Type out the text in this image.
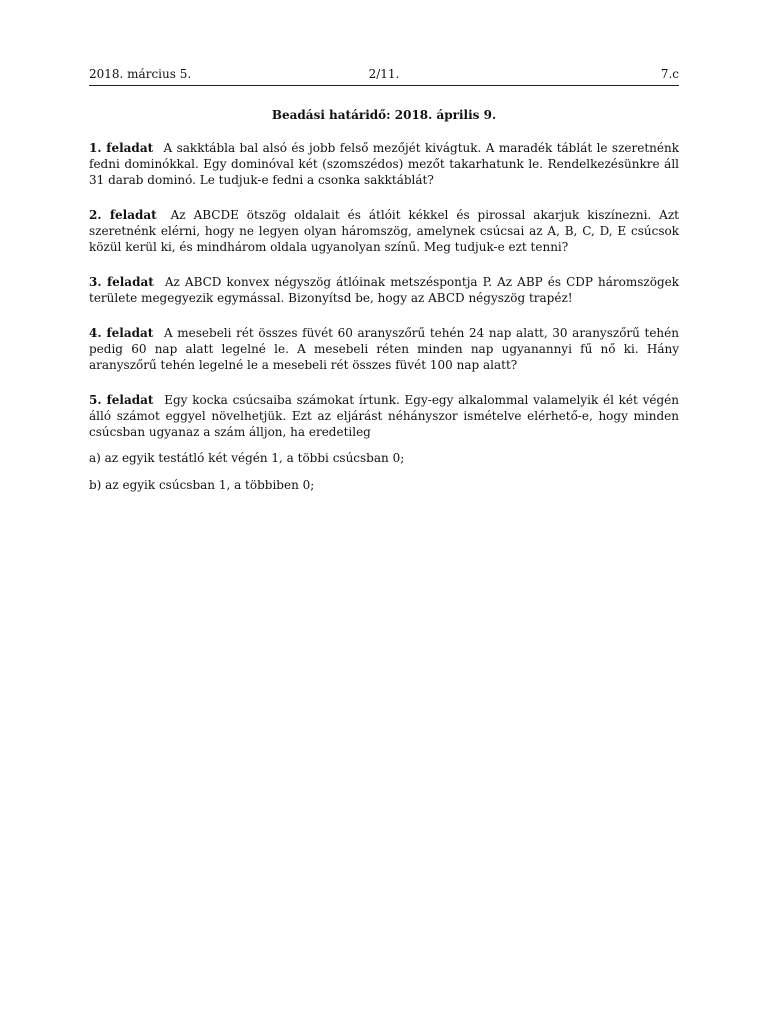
2018. március 5.	2/11.	7.c
Beadási határidő: 2018. április 9.
1. feladat A sakktábla bal alsó és jobb felső mezőjét kivágtuk. A maradék táblát le szeretnénk fedni dominókkal. Egy dominóval két (szomszédos) mezőt takarhatunk le. Rendelkezésünkre áll 31 darab dominó. Le tudjuk-e fedni a csonka sakktáblát?
2. feladat Az ABCDE ötszög oldalait és átlóit kékkel és pirossal akarjuk kiszínezni. Azt szeretnénk elérni, hogy ne legyen olyan háromszög, amelynek csúcsai az A, B, C, D, E csúcsok közül kerül ki, és mindhárom oldala ugyanolyan színű. Meg tudjuk-e ezt tenni?
3. feladat Az ABCD konvex négyszög átlóinak metszéspontja P. Az ABP és CDP háromszögek területe megegyezik egymással. Bizonyítsd be, hogy az ABCD négyszög trapéz!
4. feladat A mesebeli rét összes füvét 60 aranyszőrű tehén 24 nap alatt, 30 aranyszőrű tehén pedig 60 nap alatt legelné le. A mesebeli réten minden nap ugyanannyi fű nő ki. Hány aranyszőrű tehén legelné le a mesebeli rét összes füvét 100 nap alatt?
5. feladat Egy kocka csúcsaiba számokat írtunk. Egy-egy alkalommal valamelyik él két végén álló számot eggyel növelhetjük. Ezt az eljárást néhányszor ismételve elérhető-e, hogy minden csúcsban ugyanaz a szám álljon, ha eredetileg
a) az egyik testátló két végén 1, a többi csúcsban 0;
b) az egyik csúcsban 1, a többiben 0;
